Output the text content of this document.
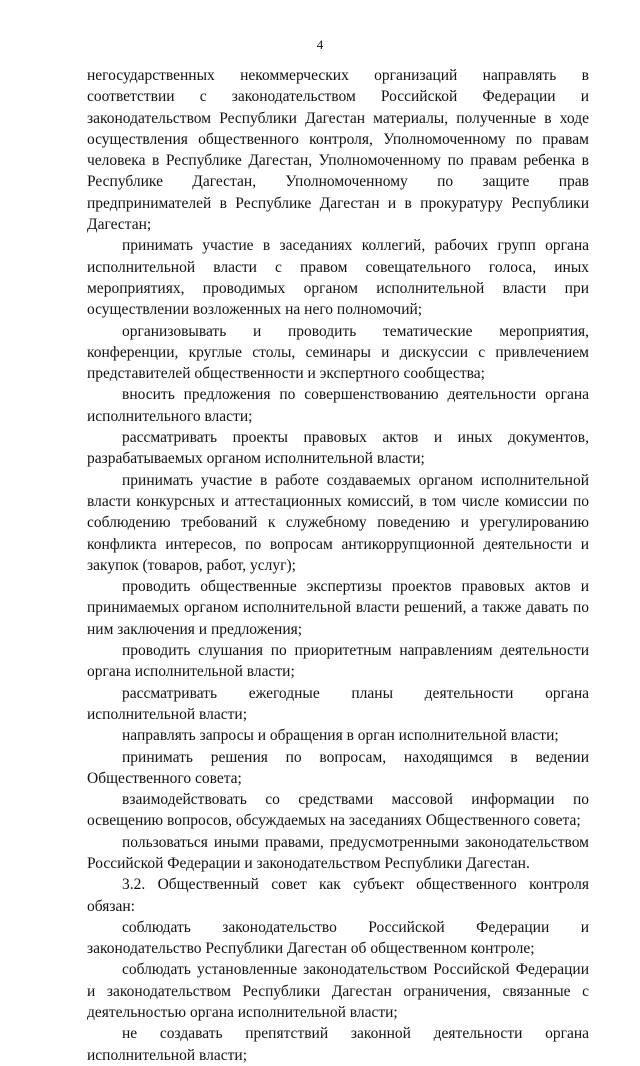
4

негосударственных некоммерческих организаций направлять в соответствии с законодательством Российской Федерации и законодательством Республики Дагестан материалы, полученные в ходе осуществления общественного контроля, Уполномоченному по правам человека в Республике Дагестан, Уполномоченному по правам ребенка в Республике Дагестан, Уполномоченному по защите прав предпринимателей в Республике Дагестан и в прокуратуру Республики Дагестан;

принимать участие в заседаниях коллегий, рабочих групп органа исполнительной власти с правом совещательного голоса, иных мероприятиях, проводимых органом исполнительной власти при осуществлении возложенных на него полномочий;

организовывать и проводить тематические мероприятия, конференции, круглые столы, семинары и дискуссии с привлечением представителей общественности и экспертного сообщества;

вносить предложения по совершенствованию деятельности органа исполнительного власти;

рассматривать проекты правовых актов и иных документов, разрабатываемых органом исполнительной власти;

принимать участие в работе создаваемых органом исполнительной власти конкурсных и аттестационных комиссий, в том числе комиссии по соблюдению требований к служебному поведению и урегулированию конфликта интересов, по вопросам антикоррупционной деятельности и закупок (товаров, работ, услуг);

проводить общественные экспертизы проектов правовых актов и принимаемых органом исполнительной власти решений, а также давать по ним заключения и предложения;

проводить слушания по приоритетным направлениям деятельности органа исполнительной власти;

рассматривать ежегодные планы деятельности органа исполнительной власти;

направлять запросы и обращения в орган исполнительной власти;

принимать решения по вопросам, находящимся в ведении Общественного совета;

взаимодействовать со средствами массовой информации по освещению вопросов, обсуждаемых на заседаниях Общественного совета;

пользоваться иными правами, предусмотренными законодательством Российской Федерации и законодательством Республики Дагестан.

3.2. Общественный совет как субъект общественного контроля обязан:

соблюдать законодательство Российской Федерации и законодательство Республики Дагестан об общественном контроле;

соблюдать установленные законодательством Российской Федерации и законодательством Республики Дагестан ограничения, связанные с деятельностью органа исполнительной власти;

не создавать препятствий законной деятельности органа исполнительной власти;
